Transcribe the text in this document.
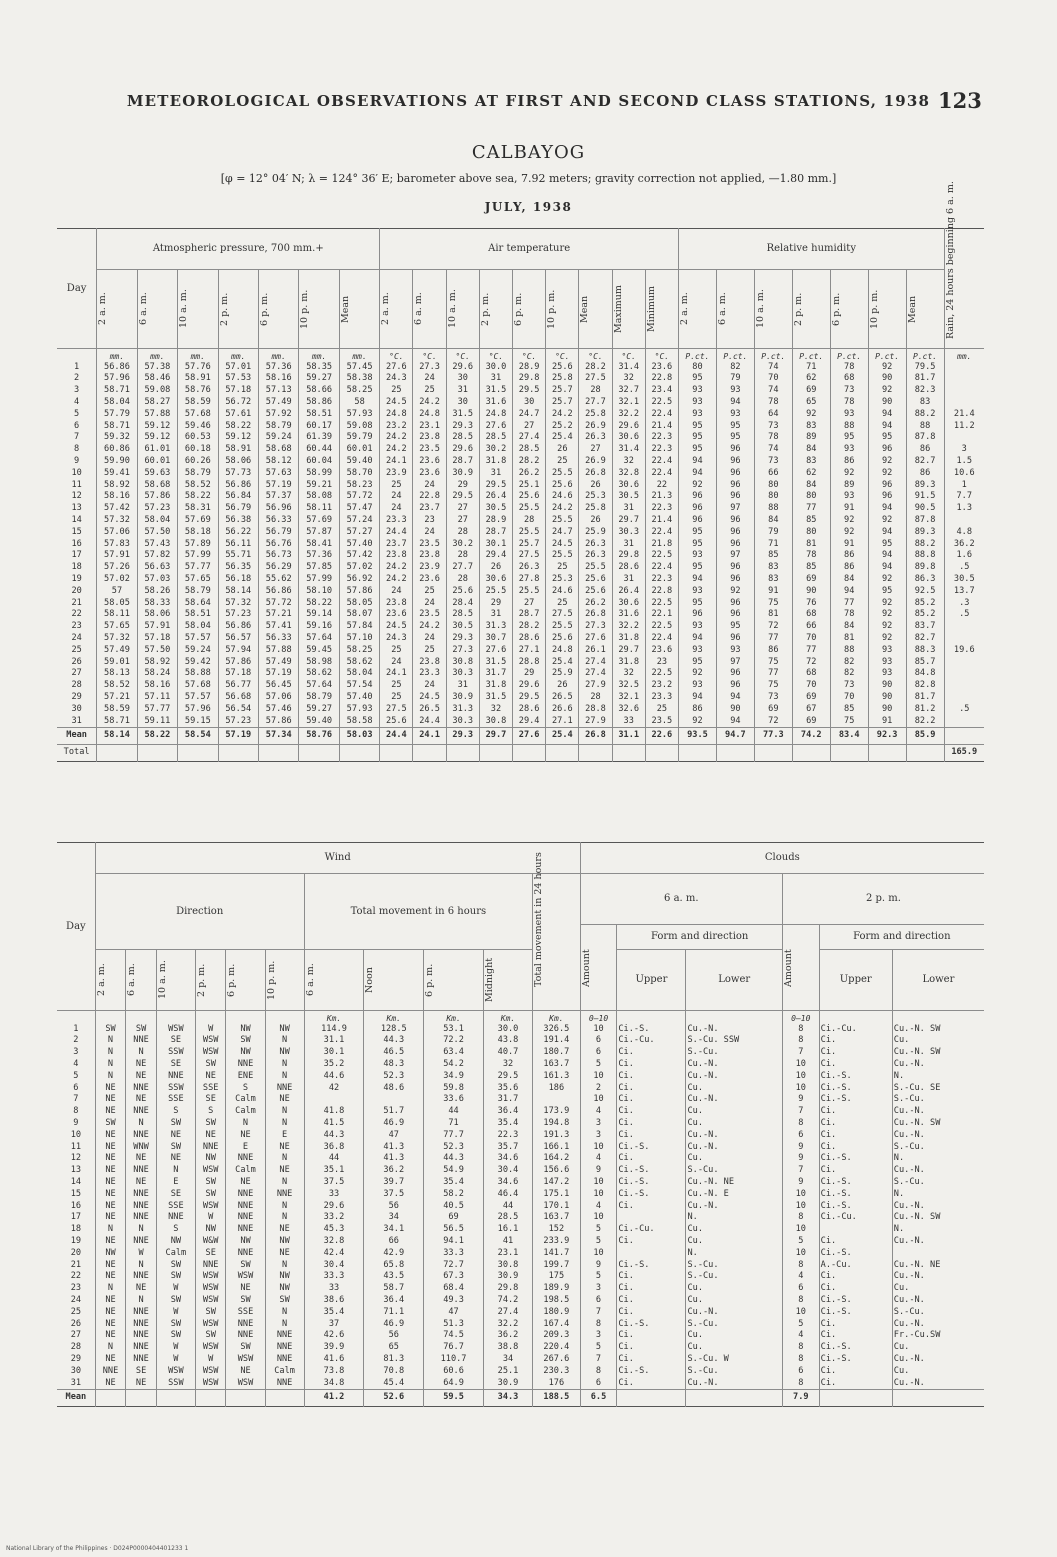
METEOROLOGICAL OBSERVATIONS AT FIRST AND SECOND CLASS STATIONS, 1938 123
CALBAYOG
[φ = 12° 04′ N; λ = 124° 36′ E; barometer above sea, 7.92 meters; gravity correction not applied, —1.80 mm.]
JULY, 1938
Day	Atmospheric pressure, 700 mm.+							Air temperature									Relative humidity							Rain, 24 hours beginning 6 a. m.

	2 a. m.	6 a. m.	10 a. m.	2 p. m.	6 p. m.	10 p. m.	Mean	2 a. m.	6 a. m.	10 a. m.	2 p. m.	6 p. m.	10 p. m.	Mean	Maximum	Minimum	2 a. m.	6 a. m.	10 a. m.	2 p. m.	6 p. m.	10 p. m.	Mean	

	mm.	mm.	mm.	mm.	mm.	mm.	mm.	°C.	°C.	°C.	°C.	°C.	°C.	°C.	°C.	°C.	P.ct.	P.ct.	P.ct.	P.ct.	P.ct.	P.ct.	P.ct.	mm.
1	56.86	57.38	57.76	57.01	57.36	58.35	57.45	27.6	27.3	29.6	30.0	28.9	25.6	28.2	31.4	23.6	80	82	74	71	78	92	79.5	
2	57.96	58.46	58.91	57.53	58.16	59.27	58.38	24.3	24	30	31	29.8	25.8	27.5	32	22.8	95	79	70	62	68	90	81.7	
3	58.71	59.08	58.76	57.18	57.13	58.66	58.25	25	25	31	31.5	29.5	25.7	28	32.7	23.4	93	93	74	69	73	92	82.3	
4	58.04	58.27	58.59	56.72	57.49	58.86	58	24.5	24.2	30	31.6	30	25.7	27.7	32.1	22.5	93	94	78	65	78	90	83	
5	57.79	57.88	57.68	57.61	57.92	58.51	57.93	24.8	24.8	31.5	24.8	24.7	24.2	25.8	32.2	22.4	93	93	64	92	93	94	88.2	21.4
6	58.71	59.12	59.46	58.22	58.79	60.17	59.08	23.2	23.1	29.3	27.6	27	25.2	26.9	29.6	21.4	95	95	73	83	88	94	88	11.2
7	59.32	59.12	60.53	59.12	59.24	61.39	59.79	24.2	23.8	28.5	28.5	27.4	25.4	26.3	30.6	22.3	95	95	78	89	95	95	87.8	
8	60.86	61.01	60.18	58.91	58.68	60.44	60.01	24.2	23.5	29.6	30.2	28.5	26	27	31.4	22.3	95	96	74	84	93	96	86	3
9	59.90	60.01	60.26	58.06	58.12	60.04	59.40	24.1	23.6	28.7	31.8	28.2	25	26.9	32	22.4	94	96	73	83	86	92	82.7	1.5
10	59.41	59.63	58.79	57.73	57.63	58.99	58.70	23.9	23.6	30.9	31	26.2	25.5	26.8	32.8	22.4	94	96	66	62	92	92	86	10.6
11	58.92	58.68	58.52	56.86	57.19	59.21	58.23	25	24	29	29.5	25.1	25.6	26	30.6	22	92	96	80	84	89	96	89.3	1
12	58.16	57.86	58.22	56.84	57.37	58.08	57.72	24	22.8	29.5	26.4	25.6	24.6	25.3	30.5	21.3	96	96	80	80	93	96	91.5	7.7
13	57.42	57.23	58.31	56.79	56.96	58.11	57.47	24	23.7	27	30.5	25.5	24.2	25.8	31	22.3	96	97	88	77	91	94	90.5	1.3
14	57.32	58.04	57.69	56.38	56.33	57.69	57.24	23.3	23	27	28.9	28	25.5	26	29.7	21.4	96	96	84	85	92	92	87.8	
15	57.06	57.50	58.18	56.22	56.79	57.87	57.27	24.4	24	28	28.7	25.5	24.7	25.9	30.3	22.4	95	96	79	80	92	94	89.3	4.8
16	57.83	57.43	57.89	56.11	56.76	58.41	57.40	23.7	23.5	30.2	30.1	25.7	24.5	26.3	31	21.8	95	96	71	81	91	95	88.2	36.2
17	57.91	57.82	57.99	55.71	56.73	57.36	57.42	23.8	23.8	28	29.4	27.5	25.5	26.3	29.8	22.5	93	97	85	78	86	94	88.8	1.6
18	57.26	56.63	57.77	56.35	56.29	57.85	57.02	24.2	23.9	27.7	26	26.3	25	25.5	28.6	22.4	95	96	83	85	86	94	89.8	.5
19	57.02	57.03	57.65	56.18	55.62	57.99	56.92	24.2	23.6	28	30.6	27.8	25.3	25.6	31	22.3	94	96	83	69	84	92	86.3	30.5
20	57	58.26	58.79	58.14	56.86	58.10	57.86	24	25	25.6	25.5	25.5	24.6	25.6	26.4	22.8	93	92	91	90	94	95	92.5	13.7
21	58.05	58.33	58.64	57.32	57.72	58.22	58.05	23.8	24	28.4	29	27	25	26.2	30.6	22.5	95	96	75	76	77	92	85.2	.3
22	58.11	58.06	58.51	57.23	57.21	59.14	58.07	23.6	23.5	28.5	31	28.7	27.5	26.8	31.6	22.1	96	96	81	68	78	92	85.2	.5
23	57.65	57.91	58.04	56.86	57.41	59.16	57.84	24.5	24.2	30.5	31.3	28.2	25.5	27.3	32.2	22.5	93	95	72	66	84	92	83.7	
24	57.32	57.18	57.57	56.57	56.33	57.64	57.10	24.3	24	29.3	30.7	28.6	25.6	27.6	31.8	22.4	94	96	77	70	81	92	82.7	
25	57.49	57.50	59.24	57.94	57.88	59.45	58.25	25	25	27.3	27.6	27.1	24.8	26.1	29.7	23.6	93	93	86	77	88	93	88.3	19.6
26	59.01	58.92	59.42	57.86	57.49	58.98	58.62	24	23.8	30.8	31.5	28.8	25.4	27.4	31.8	23	95	97	75	72	82	93	85.7	
27	58.13	58.24	58.88	57.18	57.19	58.62	58.04	24.1	23.3	30.3	31.7	29	25.9	27.4	32	22.5	92	96	77	68	82	93	84.8	
28	58.52	58.16	57.68	56.77	56.45	57.64	57.54	25	24	31	31.8	29.6	26	27.9	32.5	23.2	93	96	75	70	73	90	82.8	
29	57.21	57.11	57.57	56.68	57.06	58.79	57.40	25	24.5	30.9	31.5	29.5	26.5	28	32.1	23.3	94	94	73	69	70	90	81.7	
30	58.59	57.77	57.96	56.54	57.46	59.27	57.93	27.5	26.5	31.3	32	28.6	26.6	28.8	32.6	25	86	90	69	67	85	90	81.2	.5
31	58.71	59.11	59.15	57.23	57.86	59.40	58.58	25.6	24.4	30.3	30.8	29.4	27.1	27.9	33	23.5	92	94	72	69	75	91	82.2	
Mean	58.14	58.22	58.54	57.19	57.34	58.76	58.03	24.4	24.1	29.3	29.7	27.6	25.4	26.8	31.1	22.6	93.5	94.7	77.3	74.2	83.4	92.3	85.9	
Total																								165.9
Day	Wind											Clouds					
	Direction						Total movement in 6 hours				Total movement in 24 hours	6 a. m.			2 p. m.		

												Amount	Form and direction		Amount	Form and direction	

	2 a. m.	6 a. m.	10 a. m.	2 p. m.	6 p. m.	10 p. m.	6 a. m.	Noon	6 p. m.	Midnight			Upper	Lower		Upper	Lower
							Km.	Km.	Km.	Km.	Km.	0–10			0–10		
1	SW	SW	WSW	W	NW	NW	114.9	128.5	53.1	30.0	326.5	10	Ci.-S.	Cu.-N.	8	Ci.-Cu.	Cu.-N. SW
2	N	NNE	SE	WSW	SW	N	31.1	44.3	72.2	43.8	191.4	6	Ci.-Cu.	S.-Cu. SSW	8	Ci.	Cu.
3	N	N	SSW	WSW	NW	NW	30.1	46.5	63.4	40.7	180.7	6	Ci.	S.-Cu.	7	Ci.	Cu.-N. SW
4	N	NE	SE	SW	NNE	N	35.2	48.3	54.2	32	163.7	5	Ci.	Cu.-N.	10	Ci.	Cu.-N.
5	N	NE	NNE	NE	ENE	N	44.6	52.3	34.9	29.5	161.3	10	Ci.	Cu.-N.	10	Ci.-S.	N.
6	NE	NNE	SSW	SSE	S	NNE	42	48.6	59.8	35.6	186	2	Ci.	Cu.	10	Ci.-S.	S.-Cu. SE
7	NE	NE	SSE	SE	Calm	NE			33.6	31.7		10	Ci.	Cu.-N.	9	Ci.-S.	S.-Cu.
8	NE	NNE	S	S	Calm	N	41.8	51.7	44	36.4	173.9	4	Ci.	Cu.	7	Ci.	Cu.-N.
9	SW	N	SW	SW	N	N	41.5	46.9	71	35.4	194.8	3	Ci.	Cu.	8	Ci.	Cu.-N. SW
10	NE	NNE	NE	NE	NE	E	44.3	47	77.7	22.3	191.3	3	Ci.	Cu.-N.	6	Ci.	Cu.-N.
11	NE	WNW	SW	NNE	E	NE	36.8	41.3	52.3	35.7	166.1	10	Ci.-S.	Cu.-N.	9	Ci.	S.-Cu.
12	NE	NE	NE	NW	NNE	N	44	41.3	44.3	34.6	164.2	4	Ci.	Cu.	9	Ci.-S.	N.
13	NE	NNE	N	WSW	Calm	NE	35.1	36.2	54.9	30.4	156.6	9	Ci.-S.	S.-Cu.	7	Ci.	Cu.-N.
14	NE	NE	E	SW	NE	N	37.5	39.7	35.4	34.6	147.2	10	Ci.-S.	Cu.-N. NE	9	Ci.-S.	S.-Cu.
15	NE	NNE	SE	SW	NNE	NNE	33	37.5	58.2	46.4	175.1	10	Ci.-S.	Cu.-N. E	10	Ci.-S.	N.
16	NE	NNE	SSE	WSW	NNE	N	29.6	56	40.5	44	170.1	4	Ci.	Cu.-N.	10	Ci.-S.	Cu.-N.
17	NE	NNE	NNE	W	NNE	N	33.2	34	69	28.5	163.7	10		N.	8	Ci.-Cu.	Cu.-N. SW
18	N	N	S	NW	NNE	NE	45.3	34.1	56.5	16.1	152	5	Ci.-Cu.	Cu.	10		N.
19	NE	NNE	NW	W&W	NW	NW	32.8	66	94.1	41	233.9	5	Ci.	Cu.	5	Ci.	Cu.-N.
20	NW	W	Calm	SE	NNE	NE	42.4	42.9	33.3	23.1	141.7	10		N.	10	Ci.-S.	
21	NE	N	SW	NNE	SW	N	30.4	65.8	72.7	30.8	199.7	9	Ci.-S.	S.-Cu.	8	A.-Cu.	Cu.-N. NE
22	NE	NNE	SW	WSW	WSW	NW	33.3	43.5	67.3	30.9	175	5	Ci.	S.-Cu.	4	Ci.	Cu.-N.
23	N	NE	W	WSW	NE	NW	33	58.7	68.4	29.8	189.9	3	Ci.	Cu.	6	Ci.	Cu.
24	NE	N	SW	WSW	SW	SW	38.6	36.4	49.3	74.2	198.5	6	Ci.	Cu.	8	Ci.-S.	Cu.-N.
25	NE	NNE	W	SW	SSE	N	35.4	71.1	47	27.4	180.9	7	Ci.	Cu.-N.	10	Ci.-S.	S.-Cu.
26	NE	NNE	SW	WSW	NNE	N	37	46.9	51.3	32.2	167.4	8	Ci.-S.	S.-Cu.	5	Ci.	Cu.-N.
27	NE	NNE	SW	SW	NNE	NNE	42.6	56	74.5	36.2	209.3	3	Ci.	Cu.	4	Ci.	Fr.-Cu.SW
28	N	NNE	W	WSW	SW	NNE	39.9	65	76.7	38.8	220.4	5	Ci.	Cu.	8	Ci.-S.	Cu.
29	NE	NNE	W	W	WSW	NNE	41.6	81.3	110.7	34	267.6	7	Ci.	S.-Cu. W	8	Ci.-S.	Cu.-N.
30	NNE	SE	WSW	WSW	NE	Calm	73.8	70.8	60.6	25.1	230.3	8	Ci.-S.	S.-Cu.	6	Ci.	Cu.
31	NE	NE	SSW	WSW	WSW	NNE	34.8	45.4	64.9	30.9	176	6	Ci.	Cu.-N.	8	Ci.	Cu.-N.
Mean							41.2	52.6	59.5	34.3	188.5	6.5			7.9		
National Library of the Philippines · D024P0000404401233 1
